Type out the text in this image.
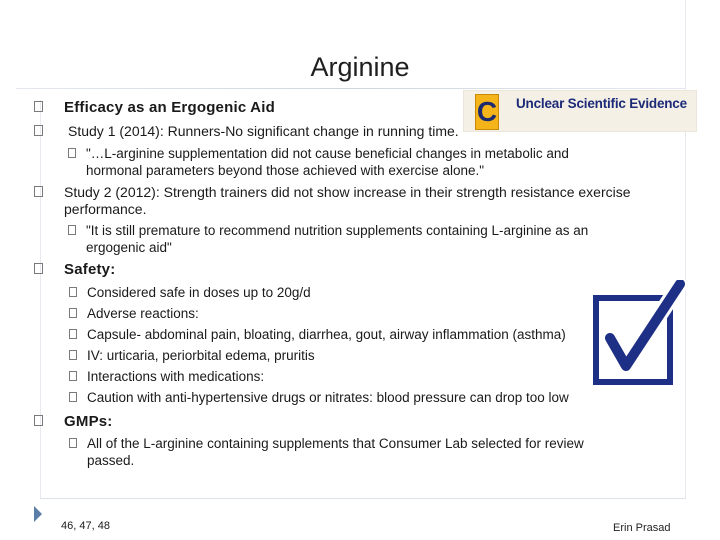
Arginine
C Unclear Scientific Evidence
Efficacy as an Ergogenic Aid
Study 1 (2014): Runners-No significant change in running time.
"…L-arginine supplementation did not cause beneficial changes in metabolic and
hormonal parameters beyond those achieved with exercise alone."
Study 2 (2012): Strength trainers did not show increase in their strength resistance exercise
performance.
"It is still premature to recommend nutrition supplements containing L-arginine as an
ergogenic aid"
Safety:
Considered safe in doses up to 20g/d
Adverse reactions:
Capsule- abdominal pain, bloating, diarrhea, gout, airway inflammation (asthma)
IV: urticaria, periorbital edema, pruritis
Interactions with medications:
Caution with anti-hypertensive drugs or nitrates: blood pressure can drop too low
GMPs:
All of the L-arginine containing supplements that Consumer Lab selected for review
passed.
46, 47, 48	Erin Prasad
